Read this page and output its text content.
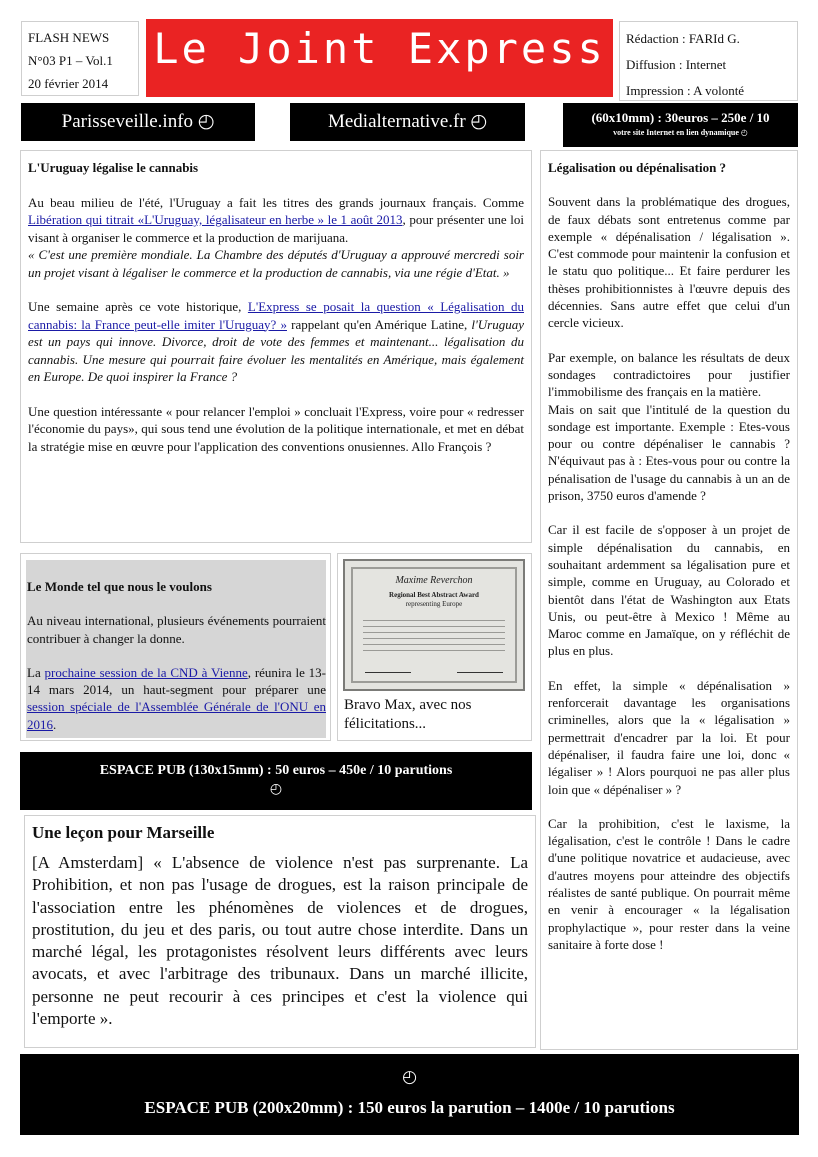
FLASH NEWS
N°03 P1 – Vol.1
20 février 2014
Le Joint Express	Rédaction : FARId G.
Diffusion : Internet
Impression : A volonté
Parisseveille.info ◴	Medialternative.fr ◴	(60x10mm) : 30euros – 250e / 10
votre site Internet en lien dynamique ◴

L'Uruguay légalise le cannabis

Au beau milieu de l'été, l'Uruguay a fait les titres des grands journaux français. Comme Libération qui titrait «L'Uruguay, légalisateur en herbe » le 1 août 2013, pour présenter une loi visant à organiser le commerce et la production de marijuana.

« C'est une première mondiale. La Chambre des députés d'Uruguay a approuvé mercredi soir un projet visant à légaliser le commerce et la production de cannabis, via une régie d'Etat. »

Une semaine après ce vote historique, L'Express se posait la question « Légalisation du cannabis: la France peut-elle imiter l'Uruguay? » rappelant qu'en Amérique Latine, l'Uruguay est un pays qui innove. Divorce, droit de vote des femmes et maintenant... légalisation du cannabis. Une mesure qui pourrait faire évoluer les mentalités en Amérique, mais également en Europe. De quoi inspirer la France ?

Une question intéressante « pour relancer l'emploi » concluait l'Express, voire pour « redresser l'économie du pays», qui sous tend une évolution de la politique internationale, et met en débat la stratégie mise en œuvre pour l'application des conventions onusiennes. Allo François ?

Légalisation ou dépénalisation ?

Souvent dans la problématique des drogues, de faux débats sont entretenus comme par exemple « dépénalisation / légalisation ». C'est commode pour maintenir la confusion et le statu quo politique... Et faire perdurer les thèses prohibitionnistes à l'œuvre depuis des décennies. Sans autre effet que celui d'un cercle vicieux.

Par exemple, on balance les résultats de deux sondages contradictoires pour justifier l'immobilisme des français en la matière.

Mais on sait que l'intitulé de la question du sondage est importante. Exemple : Etes-vous pour ou contre dépénaliser le cannabis ? N'équivaut pas à : Etes-vous pour ou contre la pénalisation de l'usage du cannabis à un an de prison, 3750 euros d'amende ?

Car il est facile de s'opposer à un projet de simple dépénalisation du cannabis, en souhaitant ardemment sa légalisation pure et simple, comme en Uruguay, au Colorado et bientôt dans l'état de Washington aux Etats Unis, ou peut-être à Mexico ! Même au Maroc comme en Jamaïque, on y réfléchit de plus en plus.

En effet, la simple « dépénalisation » renforcerait davantage les organisations criminelles, alors que la « légalisation » permettrait d'encadrer par la loi. Et pour dépénaliser, il faudra faire une loi, donc « légaliser » ! Alors pourquoi ne pas aller plus loin que « dépénaliser » ?

Car la prohibition, c'est le laxisme, la légalisation, c'est le contrôle ! Dans le cadre d'une politique novatrice et audacieuse, avec d'autres moyens pour atteindre des objectifs réalistes de santé publique. On pourrait même en venir à encourager « la légalisation prophylactique », pour rester dans la veine sanitaire à forte dose !

Le Monde tel que nous le voulons

Au niveau international, plusieurs événements pourraient contribuer à changer la donne.

La prochaine session de la CND à Vienne, réunira le 13-14 mars 2014, un haut-segment pour préparer une session spéciale de l'Assemblée Générale de l'ONU en 2016.

Maxime Reverchon
Regional Best Abstract Award
representing Europe
Bravo Max, avec nos félicitations...
ESPACE PUB (130x15mm) : 50 euros – 450e / 10 parutions
◴
Une leçon pour Marseille
[A Amsterdam] « L'absence de violence n'est pas surprenante. La Prohibition, et non pas l'usage de drogues, est la raison principale de l'association entre les phénomènes de violences et de drogues, prostitution, du jeu et des paris, ou tout autre chose interdite. Dans un marché légal, les protagonistes résolvent leurs différents avec leurs avocats, et avec l'arbitrage des tribunaux. Dans un marché illicite, personne ne peut recourir à ces principes et c'est la violence qui l'emporte ».
◴
ESPACE PUB (200x20mm) : 150 euros la parution – 1400e / 10 parutions
